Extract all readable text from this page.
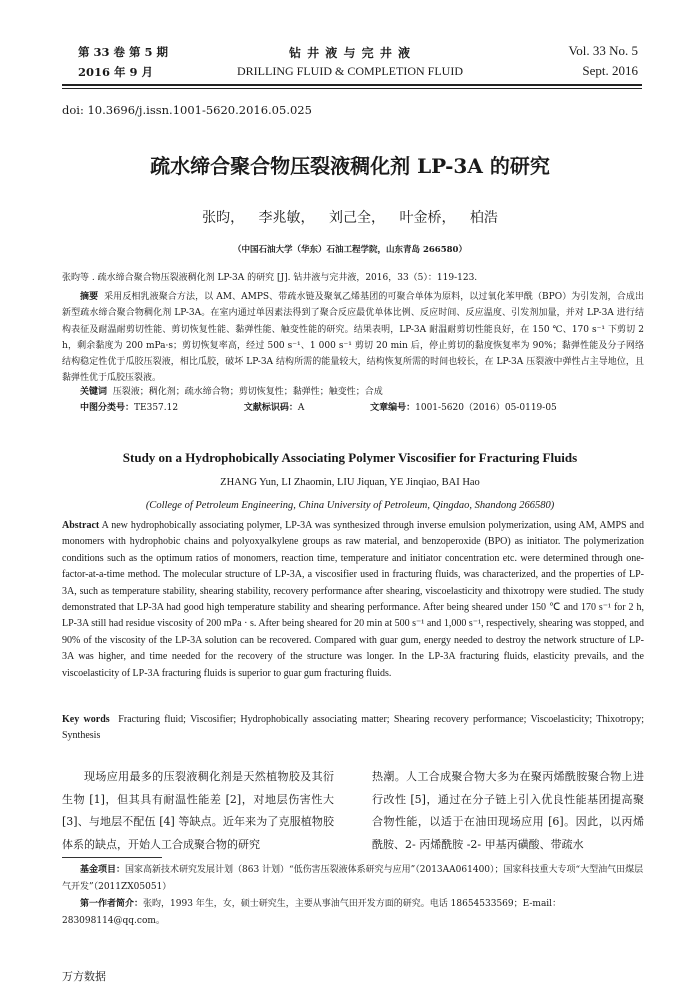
第 33 卷 第 5 期
2016 年 9 月
钻 井 液 与 完 井 液
DRILLING FLUID & COMPLETION FLUID
Vol. 33 No. 5
Sept. 2016
doi: 10.3696/j.issn.1001-5620.2016.05.025
疏水缔合聚合物压裂液稠化剂 LP-3A 的研究
张昀， 李兆敏， 刘己全， 叶金桥， 柏浩
（中国石油大学（华东）石油工程学院，山东青岛 266580）
张昀等 . 疏水缔合聚合物压裂液稠化剂 LP-3A 的研究 [J]. 钻井液与完井液，2016，33（5）：119-123.
摘要 采用反相乳液聚合方法，以 AM、AMPS、带疏水链及聚氧乙烯基团的可聚合单体为原料，以过氧化苯甲酰（BPO）为引发剂，合成出新型疏水缔合聚合物稠化剂 LP-3A。在室内通过单因素法得到了聚合反应最优单体比例、反应时间、反应温度、引发剂加量，并对 LP-3A 进行结构表征及耐温耐剪切性能、剪切恢复性能、黏弹性能、触变性能的研究。结果表明，LP-3A 耐温耐剪切性能良好，在 150 ℃、170 s⁻¹ 下剪切 2 h，剩余黏度为 200 mPa·s；剪切恢复率高，经过 500 s⁻¹、1 000 s⁻¹ 剪切 20 min 后，停止剪切的黏度恢复率为 90%；黏弹性能及分子网络结构稳定性优于瓜胶压裂液，相比瓜胶，破坏 LP-3A 结构所需的能量较大，结构恢复所需的时间也较长，在 LP-3A 压裂液中弹性占主导地位，且黏弹性优于瓜胶压裂液。
关键词 压裂液；稠化剂；疏水缔合物；剪切恢复性；黏弹性；触变性；合成
中图分类号：TE357.12	文献标识码：A	文章编号：1001-5620（2016）05-0119-05
Study on a Hydrophobically Associating Polymer Viscosifier for Fracturing Fluids
ZHANG Yun, LI Zhaomin, LIU Jiquan, YE Jinqiao, BAI Hao
(College of Petroleum Engineering, China University of Petroleum, Qingdao, Shandong 266580)
Abstract A new hydrophobically associating polymer, LP-3A was synthesized through inverse emulsion polymerization, using AM, AMPS and monomers with hydrophobic chains and polyoxyalkylene groups as raw material, and benzoperoxide (BPO) as initiator. The polymerization conditions such as the optimum ratios of monomers, reaction time, temperature and initiator concentration etc. were determined through one-factor-at-a-time method. The molecular structure of LP-3A, a viscosifier used in fracturing fluids, was characterized, and the properties of LP-3A, such as temperature stability, shearing stability, recovery performance after shearing, viscoelasticity and thixotropy were studied. The study demonstrated that LP-3A had good high temperature stability and shearing performance. After being sheared under 150 ℃ and 170 s⁻¹ for 2 h, LP-3A still had residue viscosity of 200 mPa · s. After being sheared for 20 min at 500 s⁻¹ and 1,000 s⁻¹, respectively, shearing was stopped, and 90% of the viscosity of the LP-3A solution can be recovered. Compared with guar gum, energy needed to destroy the network structure of LP-3A was higher, and time needed for the recovery of the structure was longer. In the LP-3A fracturing fluids, elasticity prevails, and the viscoelasticity of LP-3A fracturing fluids is superior to guar gum fracturing fluids.
Key words Fracturing fluid; Viscosifier; Hydrophobically associating matter; Shearing recovery performance; Viscoelasticity; Thixotropy; Synthesis
现场应用最多的压裂液稠化剂是天然植物胶及其衍生物 [1]，但其具有耐温性能差 [2]，对地层伤害性大 [3]、与地层不配伍 [4] 等缺点。近年来为了克服植物胶体系的缺点，开始人工合成聚合物的研究
热潮。人工合成聚合物大多为在聚丙烯酰胺聚合物上进行改性 [5]，通过在分子链上引入优良性能基团提高聚合物性能，以适于在油田现场应用 [6]。因此，以丙烯酰胺、2- 丙烯酰胺 -2- 甲基丙磺酸、带疏水
基金项目：国家高新技术研究发展计划（863 计划）“低伤害压裂液体系研究与应用”（2013AA061400）；国家科技重大专项“大型油气田煤层气开发”（2011ZX05051）
第一作者简介：张昀，1993 年生，女，硕士研究生，主要从事油气田开发方面的研究。电话 18654533569；E-mail：283098114@qq.com。
万方数据
